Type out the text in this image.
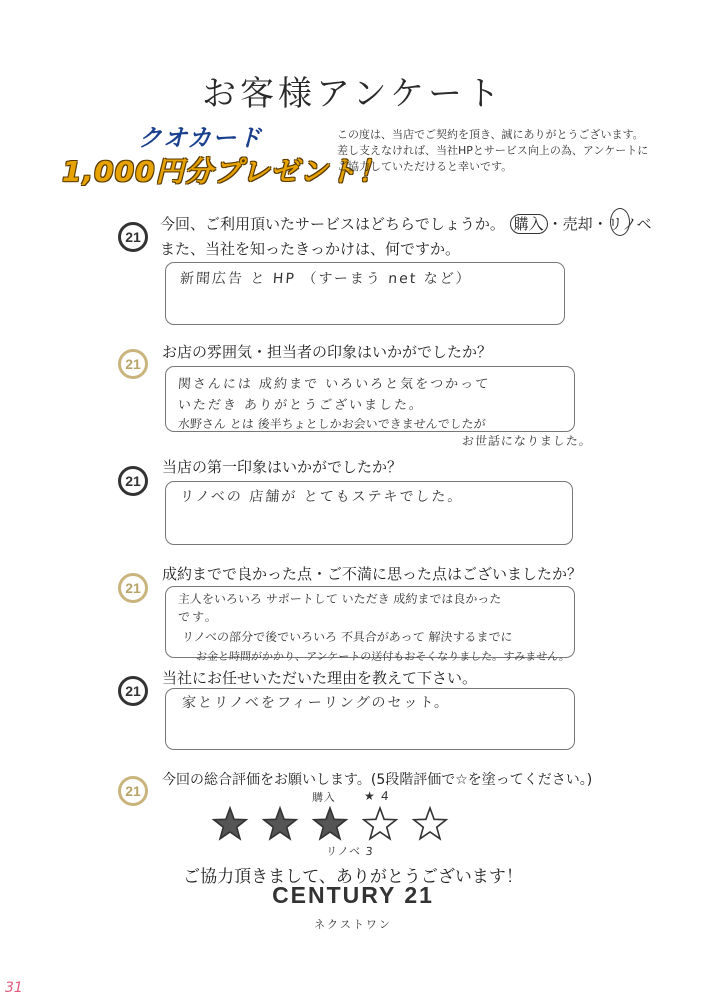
お客様アンケート
クオカード
1,000円分プレゼント！
この度は、当店でご契約を頂き、誠にありがとうございます。
差し支えなければ、当社HPとサービス向上の為、アンケートに
ご協力していただけると幸いです。
21
今回、ご利用頂いたサービスはどちらでしょうか。 購入 ・売却・リノベ
また、当社を知ったきっかけは、何ですか。
新聞広告 と HP （すーまう net など）
21
お店の雰囲気・担当者の印象はいかがでしたか？
関さんには 成約まで いろいろと気をつかって
いただき ありがとうございました。
水野さん とは 後半ちょとしかお会いできませんでしたが
お世話になりました。
21
当店の第一印象はいかがでしたか？
リノベの 店舗が とてもステキでした。
21
成約までで良かった点・ご不満に思った点はございましたか？
主人をいろいろ サポートして いただき 成約までは良かった
です。
リノベの部分で後でいろいろ 不具合があって 解決するまでに
お金と時間がかかり、アンケートの送付もおそくなりました。すみません。
21
当社にお任せいただいた理由を教えて下さい。
家とリノベをフィーリングのセット。
21
今回の総合評価をお願いします。(5段階評価で☆を塗ってください。)
購入 ★ 4
リノベ 3
ご協力頂きまして、ありがとうございます！
CENTURY 21
ネクストワン
31
